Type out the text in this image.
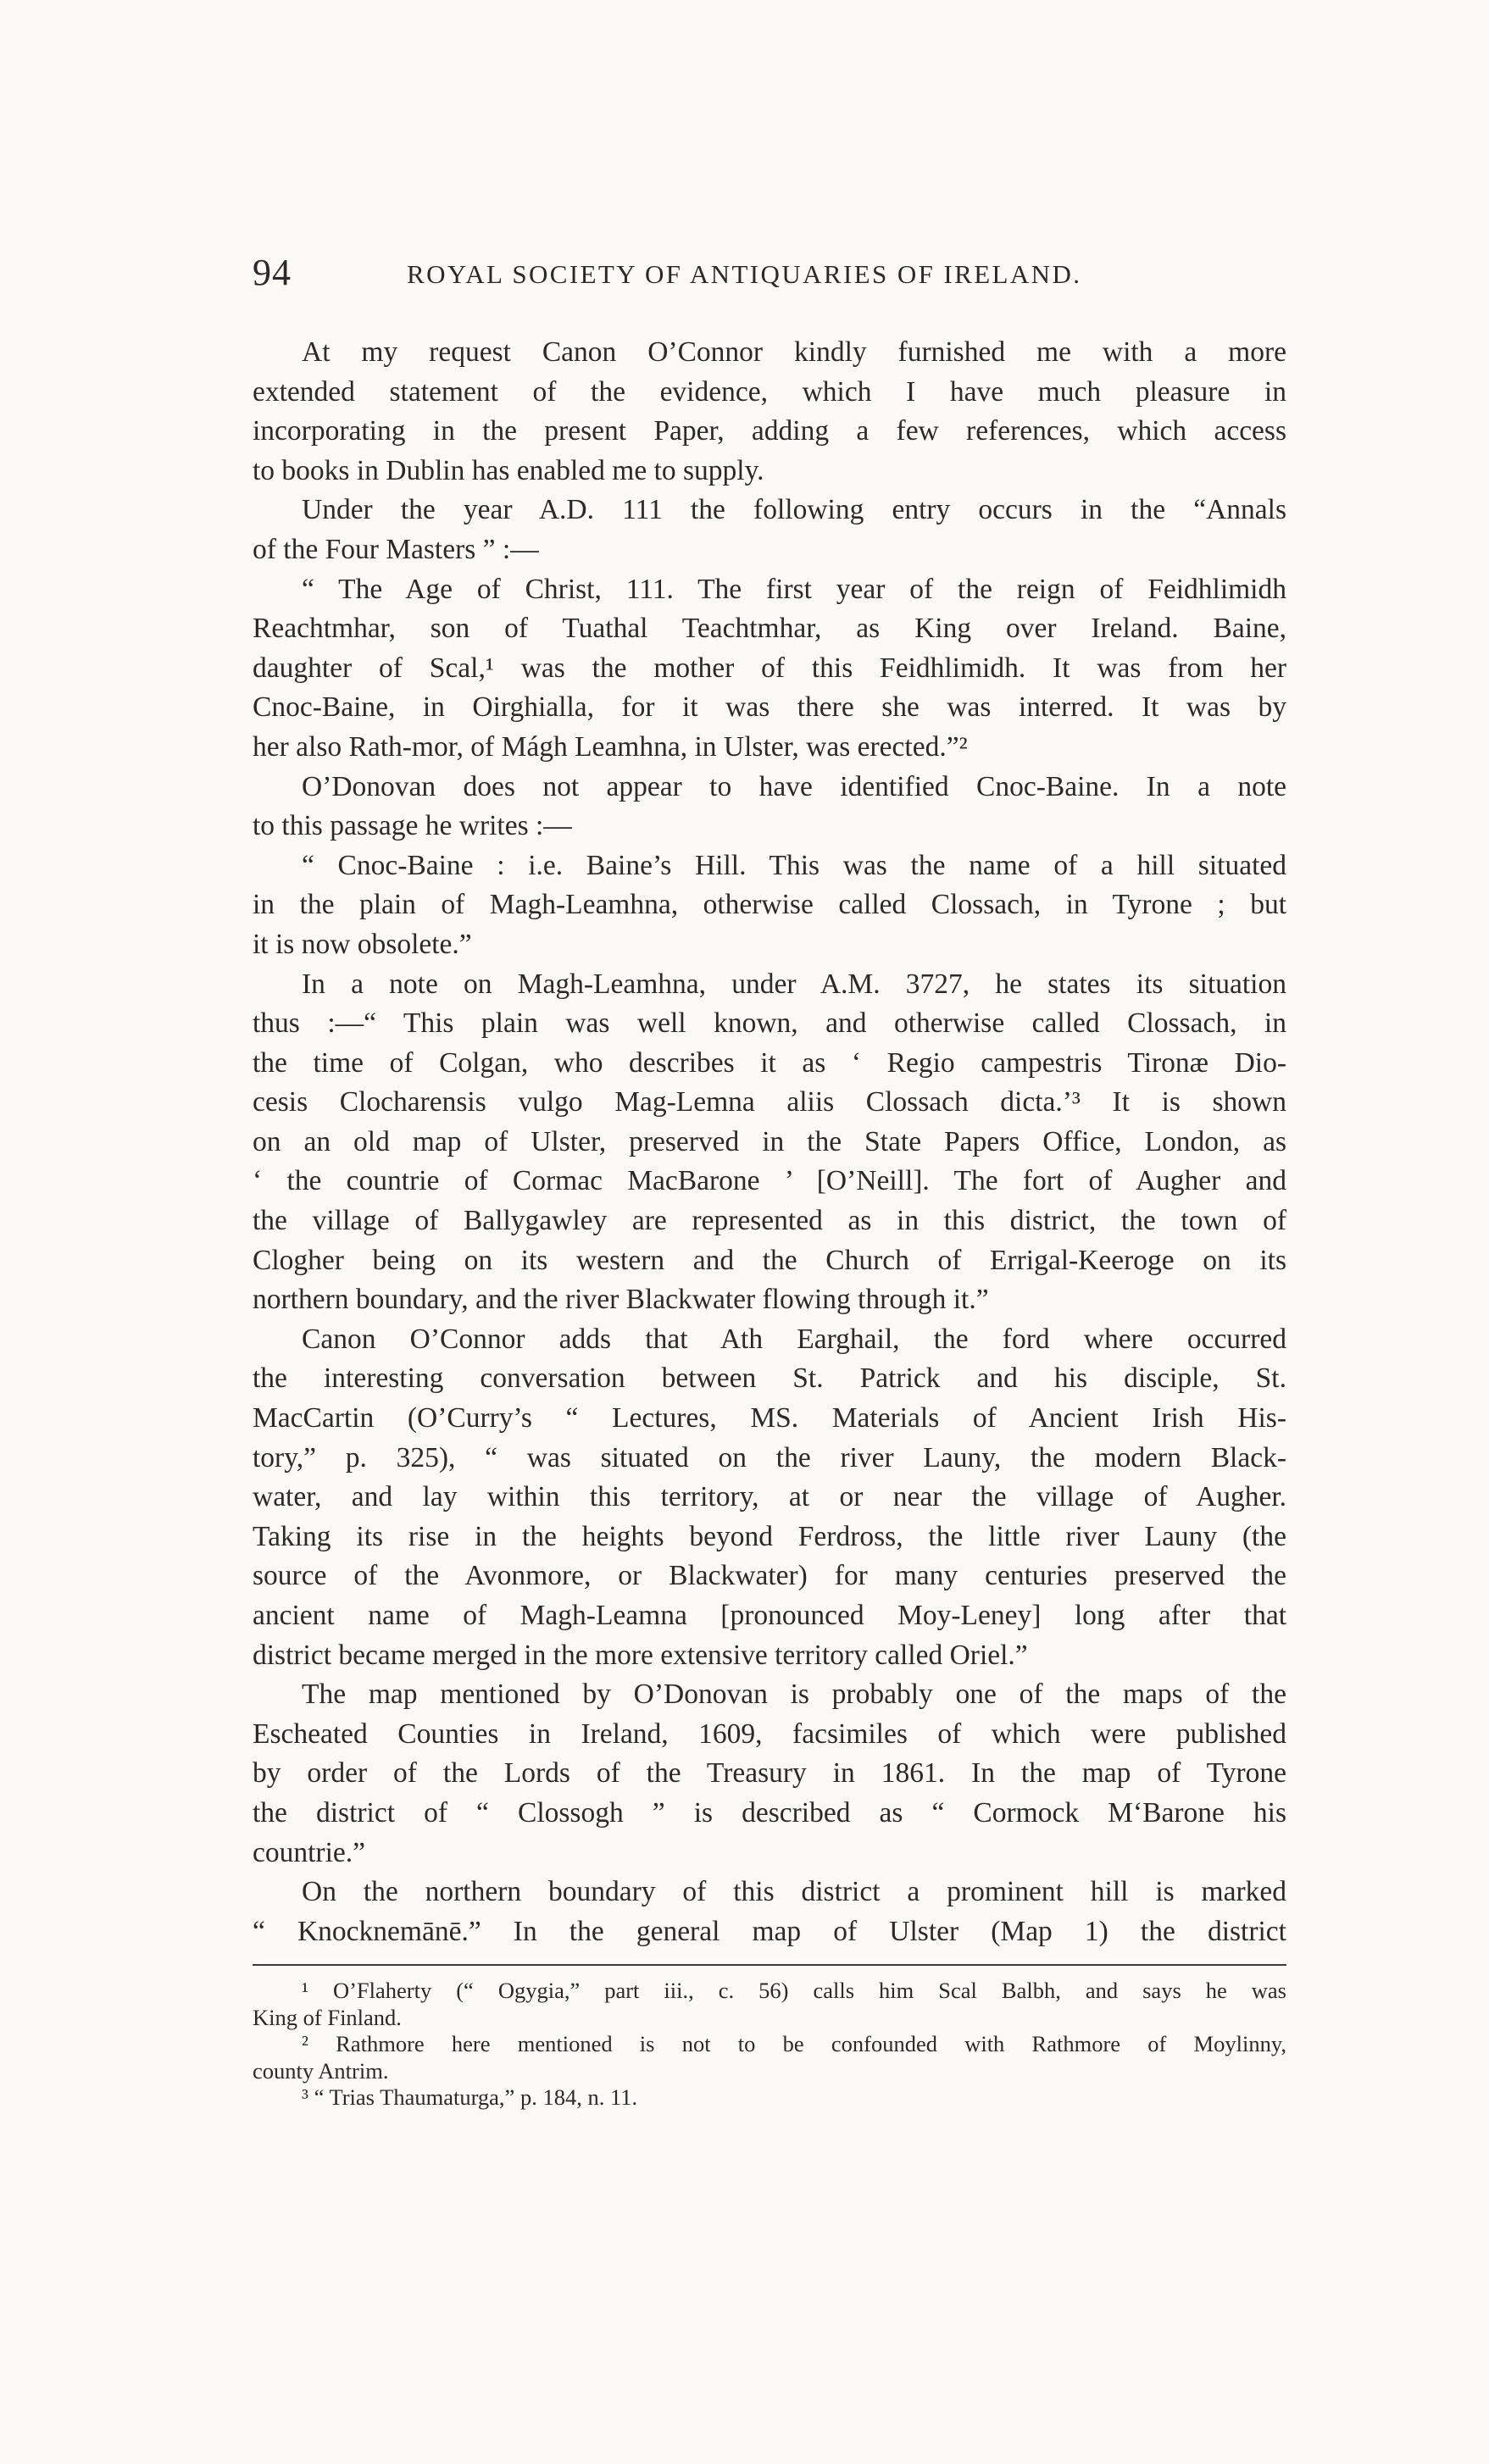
94	ROYAL SOCIETY OF ANTIQUARIES OF IRELAND.
At my request Canon O’Connor kindly furnished me with a more
extended statement of the evidence, which I have much pleasure in
incorporating in the present Paper, adding a few references, which access
to books in Dublin has enabled me to supply.
Under the year A.D. 111 the following entry occurs in the “Annals
of the Four Masters ” :—
“ The Age of Christ, 111. The first year of the reign of Feidhlimidh
Reachtmhar, son of Tuathal Teachtmhar, as King over Ireland. Baine,
daughter of Scal,¹ was the mother of this Feidhlimidh. It was from her
Cnoc-Baine, in Oirghialla, for it was there she was interred. It was by
her also Rath-mor, of Mágh Leamhna, in Ulster, was erected.”²
O’Donovan does not appear to have identified Cnoc-Baine. In a note
to this passage he writes :—
“ Cnoc-Baine : i.e. Baine’s Hill. This was the name of a hill situated
in the plain of Magh-Leamhna, otherwise called Clossach, in Tyrone ; but
it is now obsolete.”
In a note on Magh-Leamhna, under A.M. 3727, he states its situation
thus :—“ This plain was well known, and otherwise called Clossach, in
the time of Colgan, who describes it as ‘ Regio campestris Tironæ Dio-
cesis Clocharensis vulgo Mag-Lemna aliis Clossach dicta.’³ It is shown
on an old map of Ulster, preserved in the State Papers Office, London, as
‘ the countrie of Cormac MacBarone ’ [O’Neill]. The fort of Augher and
the village of Ballygawley are represented as in this district, the town of
Clogher being on its western and the Church of Errigal-Keeroge on its
northern boundary, and the river Blackwater flowing through it.”
Canon O’Connor adds that Ath Earghail, the ford where occurred
the interesting conversation between St. Patrick and his disciple, St.
MacCartin (O’Curry’s “ Lectures, MS. Materials of Ancient Irish His-
tory,” p. 325), “ was situated on the river Launy, the modern Black-
water, and lay within this territory, at or near the village of Augher.
Taking its rise in the heights beyond Ferdross, the little river Launy (the
source of the Avonmore, or Blackwater) for many centuries preserved the
ancient name of Magh-Leamna [pronounced Moy-Leney] long after that
district became merged in the more extensive territory called Oriel.”
The map mentioned by O’Donovan is probably one of the maps of the
Escheated Counties in Ireland, 1609, facsimiles of which were published
by order of the Lords of the Treasury in 1861. In the map of Tyrone
the district of “ Clossogh ” is described as “ Cormock M‘Barone his
countrie.”
On the northern boundary of this district a prominent hill is marked
“ Knocknemānē.” In the general map of Ulster (Map 1) the district
¹ O’Flaherty (“ Ogygia,” part iii., c. 56) calls him Scal Balbh, and says he was
King of Finland.
² Rathmore here mentioned is not to be confounded with Rathmore of Moylinny,
county Antrim.
³ “ Trias Thaumaturga,” p. 184, n. 11.
